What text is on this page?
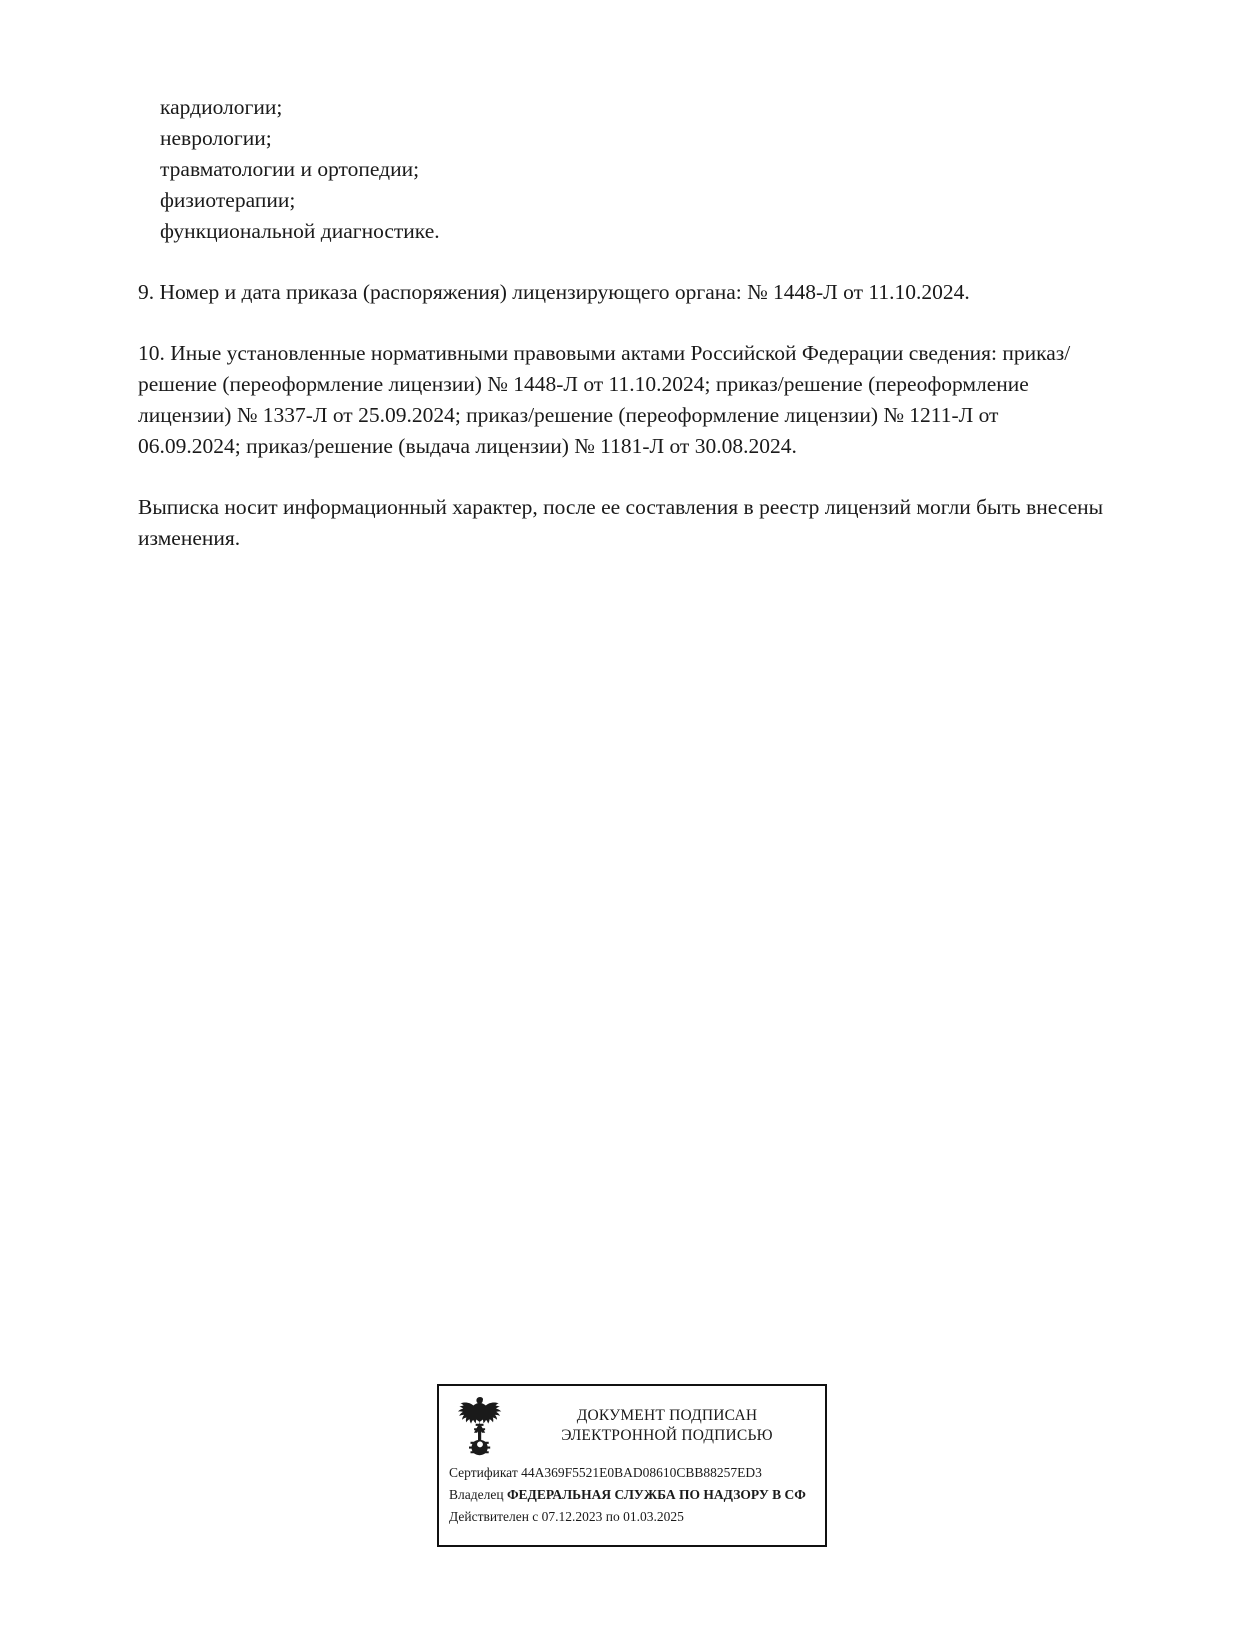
кардиологии;
неврологии;
травматологии и ортопедии;
физиотерапии;
функциональной диагностике.

9. Номер и дата приказа (распоряжения) лицензирующего органа: № 1448-Л от 11.10.2024.

10. Иные установленные нормативными правовыми актами Российской Федерации сведения: приказ/решение (переоформление лицензии) № 1448-Л от 11.10.2024; приказ/решение (переоформление лицензии) № 1337-Л от 25.09.2024; приказ/решение (переоформление лицензии) № 1211-Л от 06.09.2024; приказ/решение (выдача лицензии) № 1181-Л от 30.08.2024.

Выписка носит информационный характер, после ее составления в реестр лицензий могли быть внесены изменения.

ДОКУМЕНТ ПОДПИСАН
ЭЛЕКТРОННОЙ ПОДПИСЬЮ
Сертификат 44A369F5521E0BAD08610CBB88257ED3
Владелец ФЕДЕРАЛЬНАЯ СЛУЖБА ПО НАДЗОРУ В СФ
Действителен с 07.12.2023 по 01.03.2025
